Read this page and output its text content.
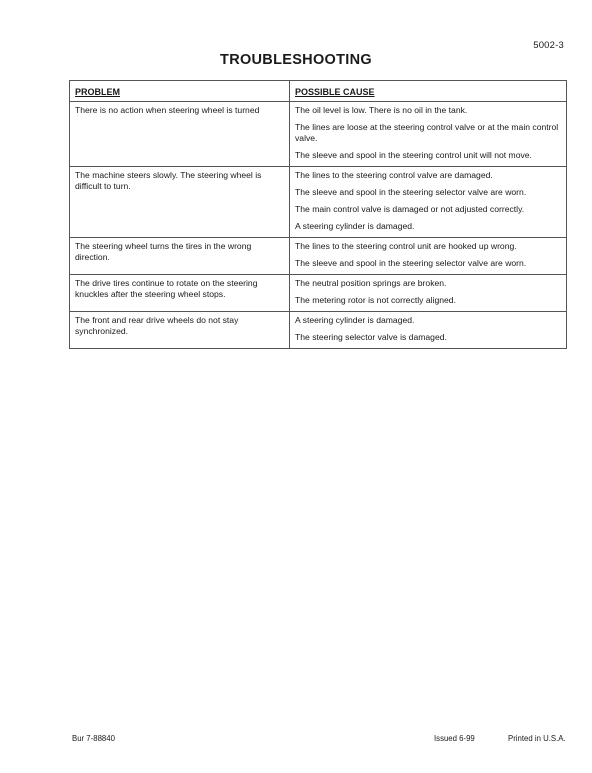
5002-3
TROUBLESHOOTING
PROBLEM	POSSIBLE CAUSE
There is no action when steering wheel is turned	The oil level is low. There is no oil in the tank.
The lines are loose at the steering control valve or at the main control valve.
The sleeve and spool in the steering control unit will not move.

The machine steers slowly. The steering wheel is difficult to turn.	The lines to the steering control valve are damaged.
The sleeve and spool in the steering selector valve are worn.
The main control valve is damaged or not adjusted correctly.
A steering cylinder is damaged.

The steering wheel turns the tires in the wrong direction.	The lines to the steering control unit are hooked up wrong.
The sleeve and spool in the steering selector valve are worn.

The drive tires continue to rotate on the steering knuckles after the steering wheel stops.	The neutral position springs are broken.
The metering rotor is not correctly aligned.

The front and rear drive wheels do not stay synchronized.	A steering cylinder is damaged.
The steering selector valve is damaged.
Bur 7-88840	Issued 6-99	Printed in U.S.A.
